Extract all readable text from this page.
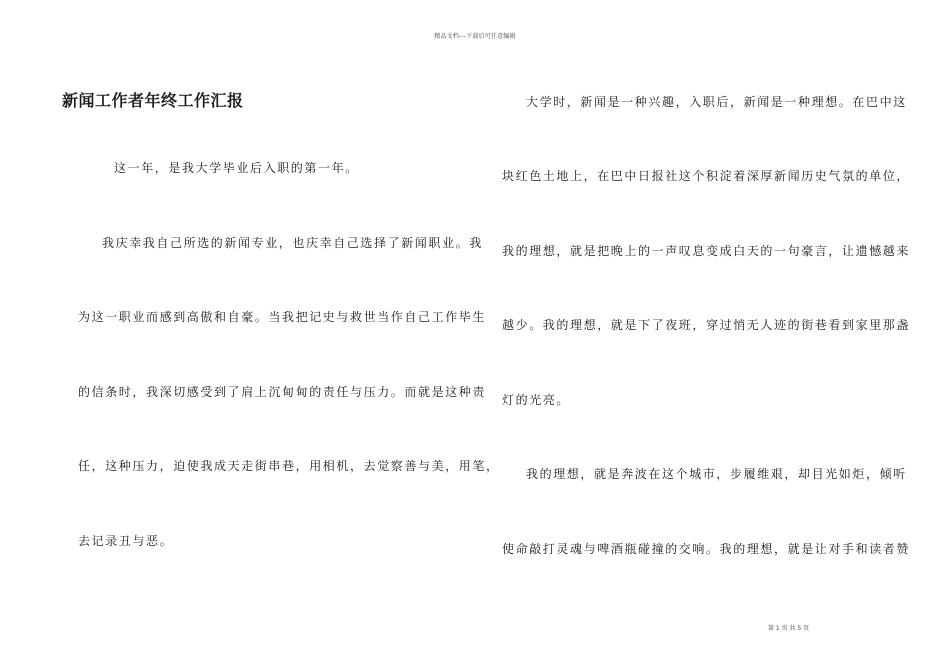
精品文档---下载后可任意编辑
新闻工作者年终工作汇报
这一年，是我大学毕业后入职的第一年。
我庆幸我自己所选的新闻专业，也庆幸自己选择了新闻职业。我
为这一职业而感到高傲和自豪。当我把记史与救世当作自己工作毕生
的信条时，我深切感受到了肩上沉甸甸的责任与压力。而就是这种责
任，这种压力，迫使我成天走街串巷，用相机，去觉察善与美，用笔，
去记录丑与恶。
大学时，新闻是一种兴趣，入职后，新闻是一种理想。在巴中这
块红色土地上，在巴中日报社这个积淀着深厚新闻历史气氛的单位，
我的理想，就是把晚上的一声叹息变成白天的一句豪言，让遗憾越来
越少。我的理想，就是下了夜班，穿过悄无人迹的街巷看到家里那盏
灯的光亮。
我的理想，就是奔波在这个城市，步履维艰，却目光如炬，倾听
使命敲打灵魂与啤酒瓶碰撞的交响。我的理想，就是让对手和读者赞
第 1 页 共 5 页
